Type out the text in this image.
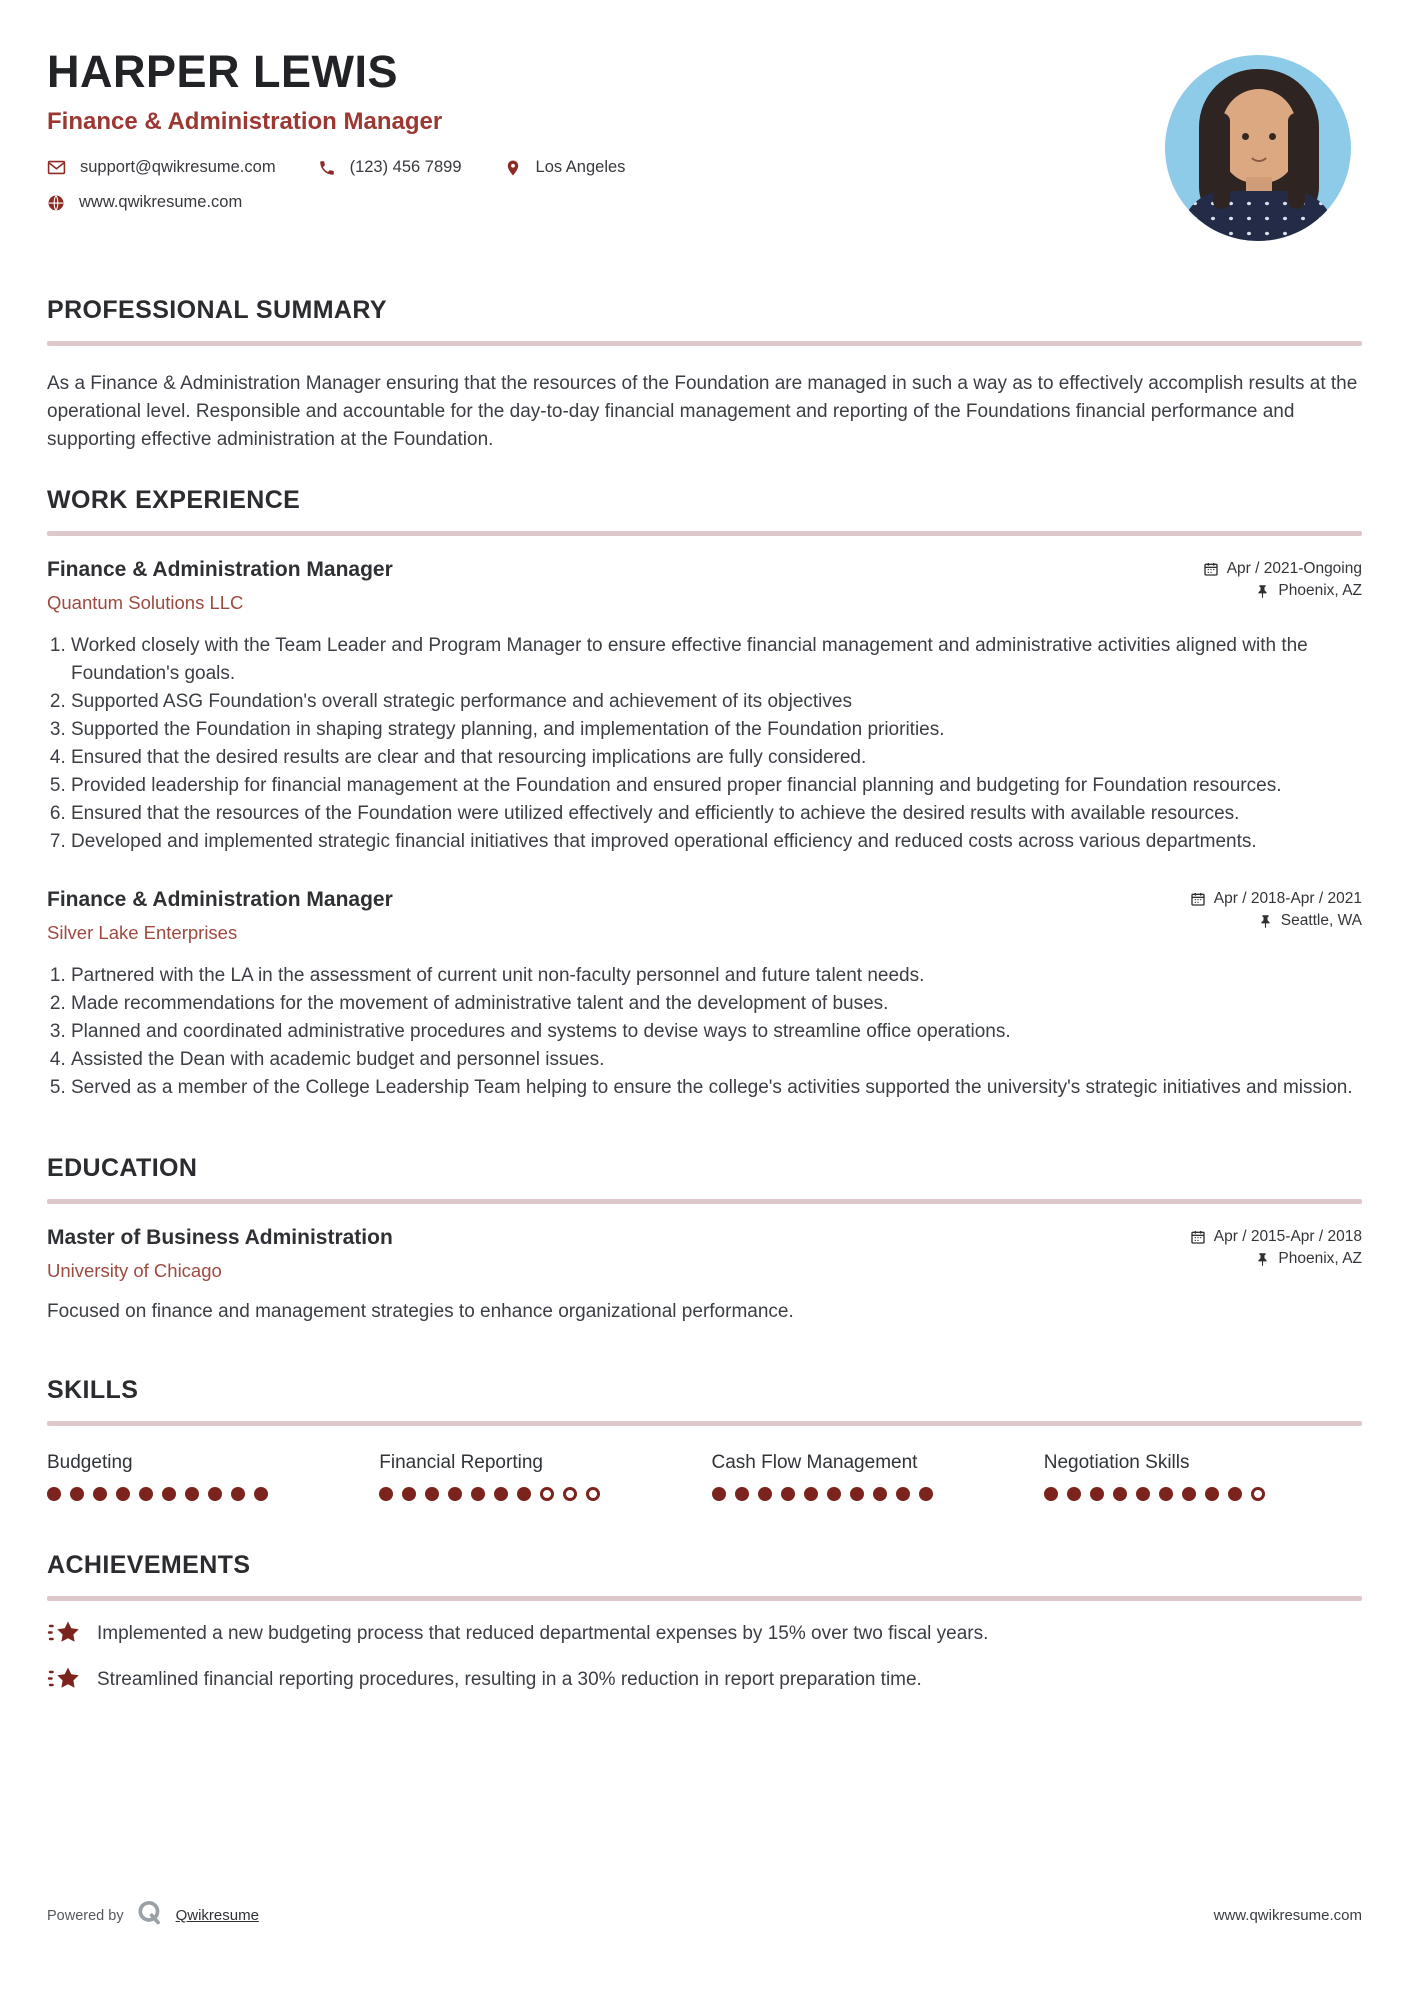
HARPER LEWIS
Finance & Administration Manager
support@qwikresume.com	(123) 456 7899	Los Angeles
www.qwikresume.com
PROFESSIONAL SUMMARY

As a Finance & Administration Manager ensuring that the resources of the Foundation are managed in such a way as to effectively accomplish results at the operational level. Responsible and accountable for the day-to-day financial management and reporting of the Foundations financial performance and supporting effective administration at the Foundation.

WORK EXPERIENCE
Finance & Administration Manager
Quantum Solutions LLC
Apr / 2021-Ongoing
Phoenix, AZ
1. Worked closely with the Team Leader and Program Manager to ensure effective financial management and administrative activities aligned with the Foundation's goals.
2. Supported ASG Foundation's overall strategic performance and achievement of its objectives
3. Supported the Foundation in shaping strategy planning, and implementation of the Foundation priorities.
4. Ensured that the desired results are clear and that resourcing implications are fully considered.
5. Provided leadership for financial management at the Foundation and ensured proper financial planning and budgeting for Foundation resources.
6. Ensured that the resources of the Foundation were utilized effectively and efficiently to achieve the desired results with available resources.
7. Developed and implemented strategic financial initiatives that improved operational efficiency and reduced costs across various departments.
Finance & Administration Manager
Silver Lake Enterprises
Apr / 2018-Apr / 2021
Seattle, WA
1. Partnered with the LA in the assessment of current unit non-faculty personnel and future talent needs.
2. Made recommendations for the movement of administrative talent and the development of buses.
3. Planned and coordinated administrative procedures and systems to devise ways to streamline office operations.
4. Assisted the Dean with academic budget and personnel issues.
5. Served as a member of the College Leadership Team helping to ensure the college's activities supported the university's strategic initiatives and mission.
EDUCATION
Master of Business Administration
University of Chicago
Apr / 2015-Apr / 2018
Phoenix, AZ

Focused on finance and management strategies to enhance organizational performance.

SKILLS
Budgeting	Financial Reporting	Cash Flow Management	Negotiation Skills
ACHIEVEMENTS
Implemented a new budgeting process that reduced departmental expenses by 15% over two fiscal years.
Streamlined financial reporting procedures, resulting in a 30% reduction in report preparation time.
Powered by	Qwikresume	www.qwikresume.com
